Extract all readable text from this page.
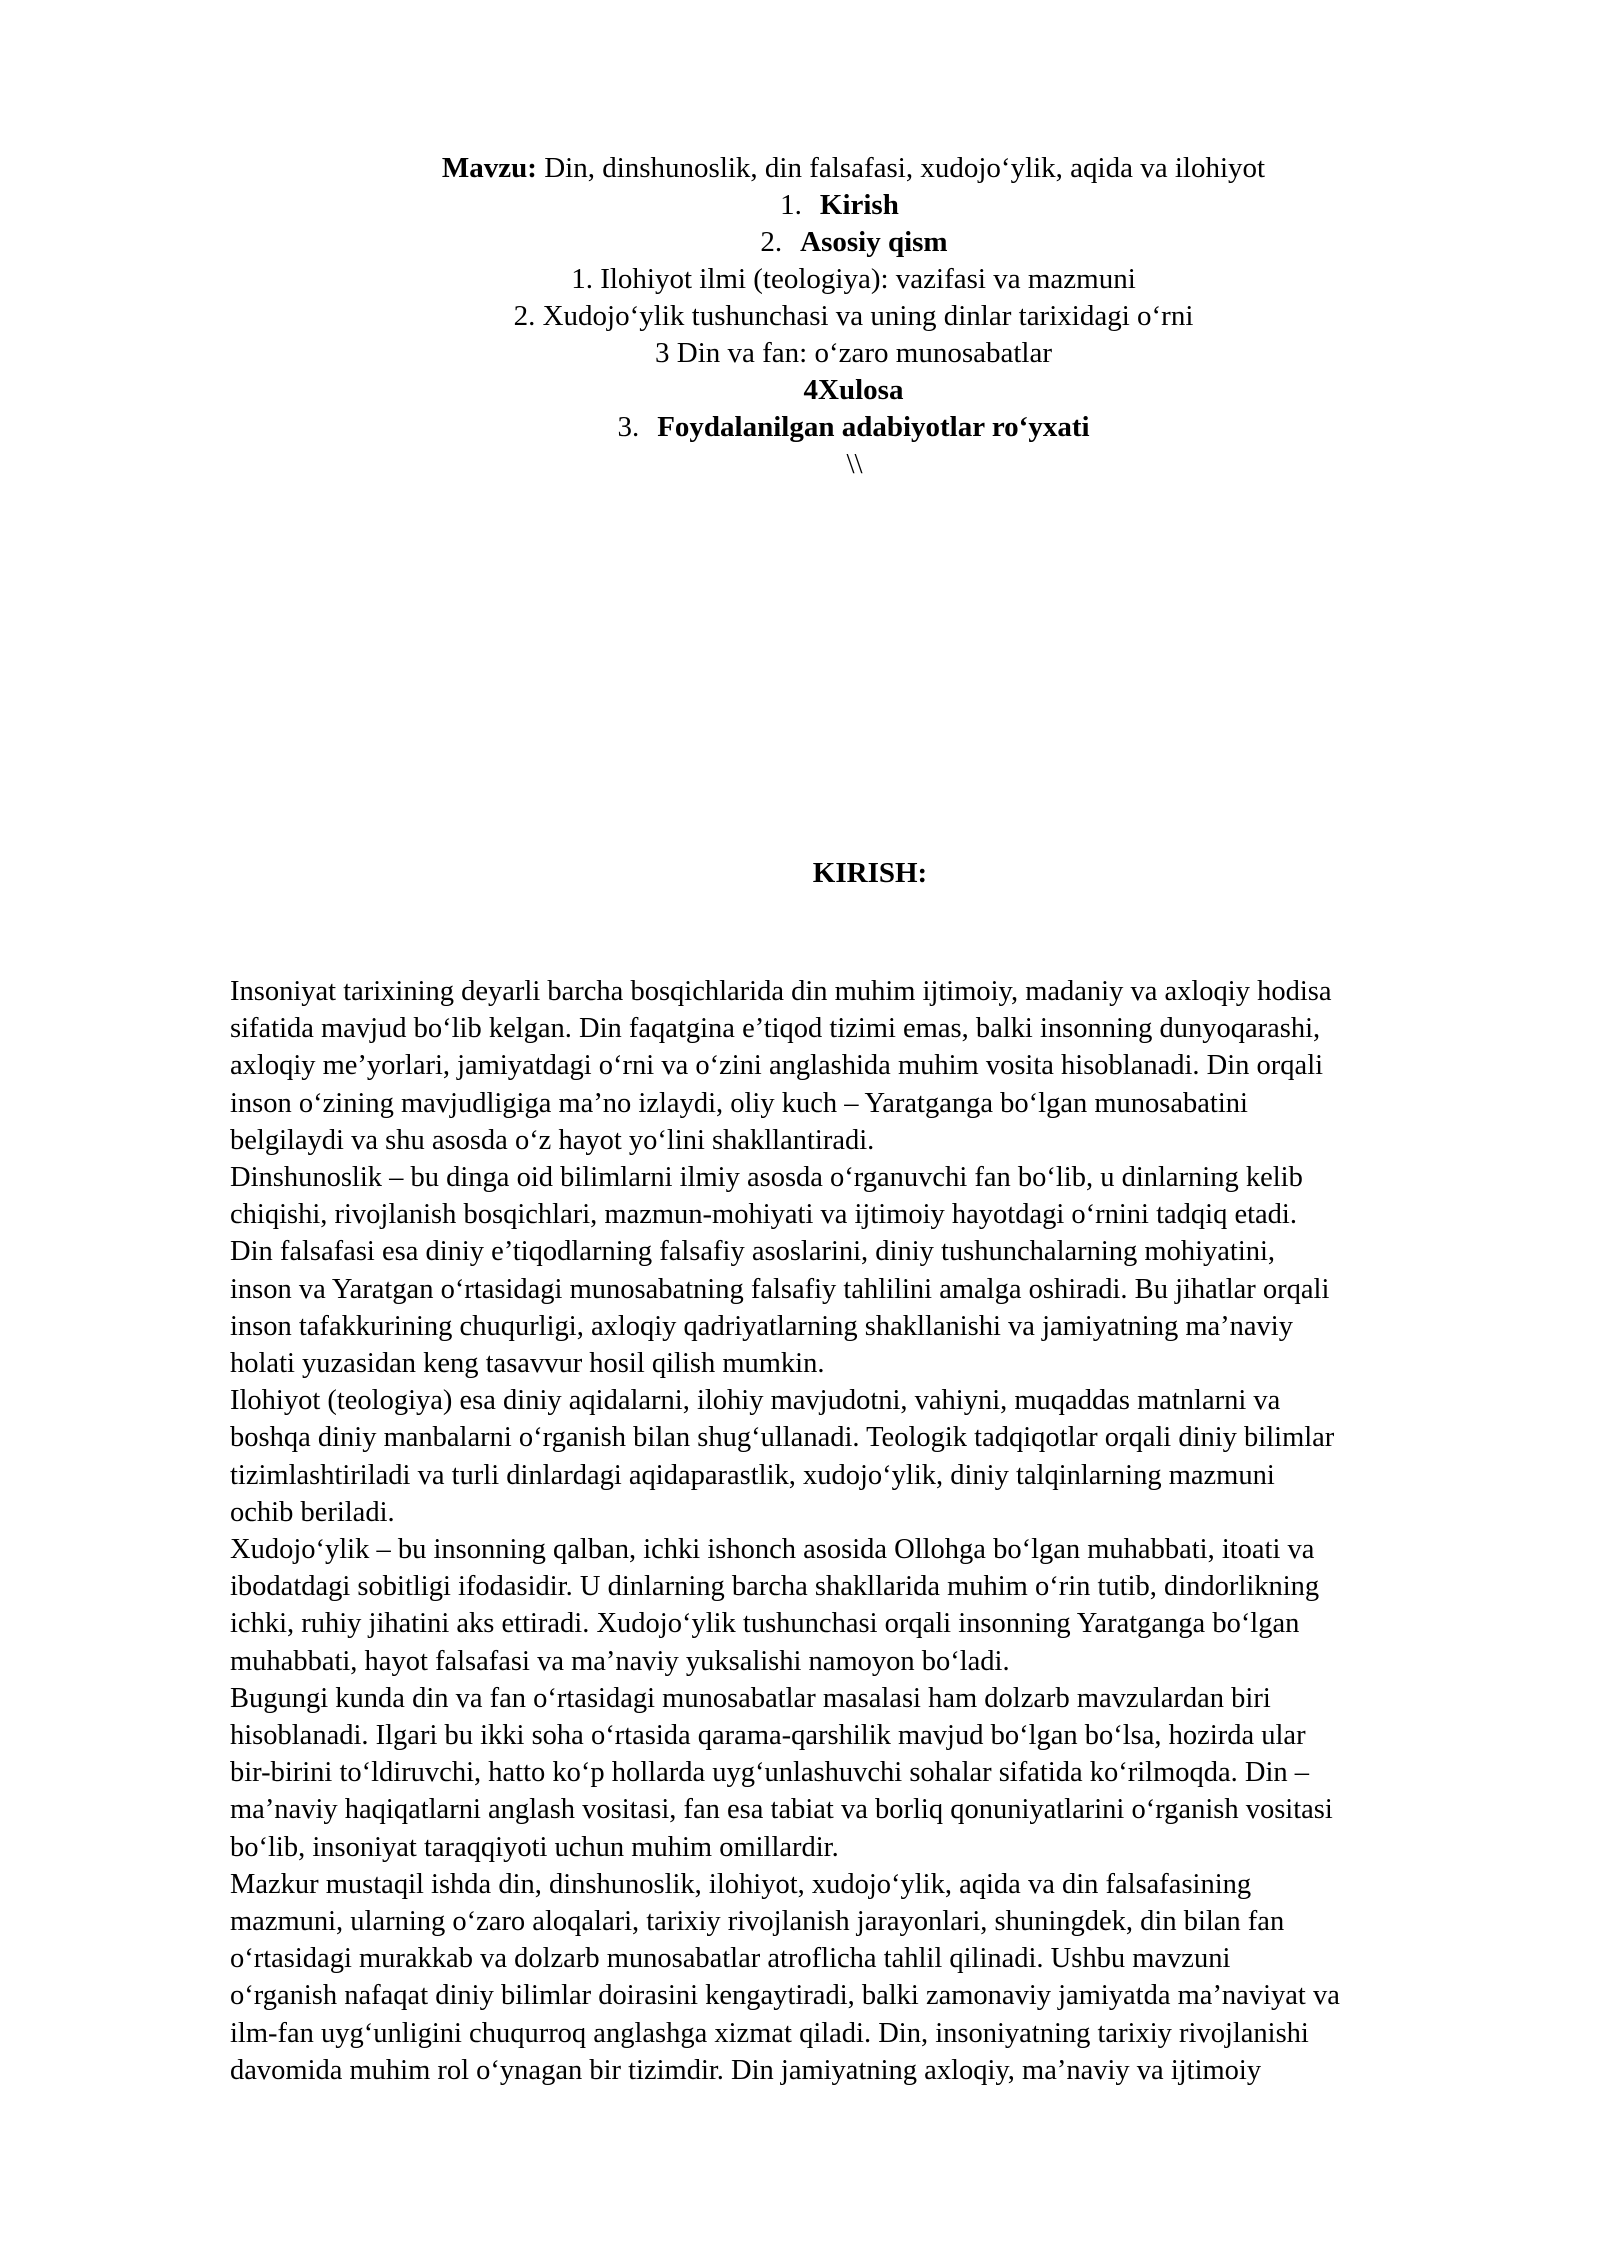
Mavzu: Din, dinshunoslik, din falsafasi, xudojo‘ylik, aqida va ilohiyot
1. Kirish
2. Asosiy qism
1. Ilohiyot ilmi (teologiya): vazifasi va mazmuni
2. Xudojo‘ylik tushunchasi va uning dinlar tarixidagi o‘rni
3 Din va fan: o‘zaro munosabatlar
4Xulosa
3. Foydalanilgan adabiyotlar ro‘yxati
\\
KIRISH:
Insoniyat tarixining deyarli barcha bosqichlarida din muhim ijtimoiy, madaniy va axloqiy hodisa
sifatida mavjud bo‘lib kelgan. Din faqatgina e’tiqod tizimi emas, balki insonning dunyoqarashi,
axloqiy me’yorlari, jamiyatdagi o‘rni va o‘zini anglashida muhim vosita hisoblanadi. Din orqali
inson o‘zining mavjudligiga ma’no izlaydi, oliy kuch – Yaratganga bo‘lgan munosabatini
belgilaydi va shu asosda o‘z hayot yo‘lini shakllantiradi.
Dinshunoslik – bu dinga oid bilimlarni ilmiy asosda o‘rganuvchi fan bo‘lib, u dinlarning kelib
chiqishi, rivojlanish bosqichlari, mazmun-mohiyati va ijtimoiy hayotdagi o‘rnini tadqiq etadi.
Din falsafasi esa diniy e’tiqodlarning falsafiy asoslarini, diniy tushunchalarning mohiyatini,
inson va Yaratgan o‘rtasidagi munosabatning falsafiy tahlilini amalga oshiradi. Bu jihatlar orqali
inson tafakkurining chuqurligi, axloqiy qadriyatlarning shakllanishi va jamiyatning ma’naviy
holati yuzasidan keng tasavvur hosil qilish mumkin.
Ilohiyot (teologiya) esa diniy aqidalarni, ilohiy mavjudotni, vahiyni, muqaddas matnlarni va
boshqa diniy manbalarni o‘rganish bilan shug‘ullanadi. Teologik tadqiqotlar orqali diniy bilimlar
tizimlashtiriladi va turli dinlardagi aqidaparastlik, xudojo‘ylik, diniy talqinlarning mazmuni
ochib beriladi.
Xudojo‘ylik – bu insonning qalban, ichki ishonch asosida Ollohga bo‘lgan muhabbati, itoati va
ibodatdagi sobitligi ifodasidir. U dinlarning barcha shakllarida muhim o‘rin tutib, dindorlikning
ichki, ruhiy jihatini aks ettiradi. Xudojo‘ylik tushunchasi orqali insonning Yaratganga bo‘lgan
muhabbati, hayot falsafasi va ma’naviy yuksalishi namoyon bo‘ladi.
Bugungi kunda din va fan o‘rtasidagi munosabatlar masalasi ham dolzarb mavzulardan biri
hisoblanadi. Ilgari bu ikki soha o‘rtasida qarama-qarshilik mavjud bo‘lgan bo‘lsa, hozirda ular
bir-birini to‘ldiruvchi, hatto ko‘p hollarda uyg‘unlashuvchi sohalar sifatida ko‘rilmoqda. Din –
ma’naviy haqiqatlarni anglash vositasi, fan esa tabiat va borliq qonuniyatlarini o‘rganish vositasi
bo‘lib, insoniyat taraqqiyoti uchun muhim omillardir.
Mazkur mustaqil ishda din, dinshunoslik, ilohiyot, xudojo‘ylik, aqida va din falsafasining
mazmuni, ularning o‘zaro aloqalari, tarixiy rivojlanish jarayonlari, shuningdek, din bilan fan
o‘rtasidagi murakkab va dolzarb munosabatlar atroflicha tahlil qilinadi. Ushbu mavzuni
o‘rganish nafaqat diniy bilimlar doirasini kengaytiradi, balki zamonaviy jamiyatda ma’naviyat va
ilm-fan uyg‘unligini chuqurroq anglashga xizmat qiladi. Din, insoniyatning tarixiy rivojlanishi
davomida muhim rol o‘ynagan bir tizimdir. Din jamiyatning axloqiy, ma’naviy va ijtimoiy
